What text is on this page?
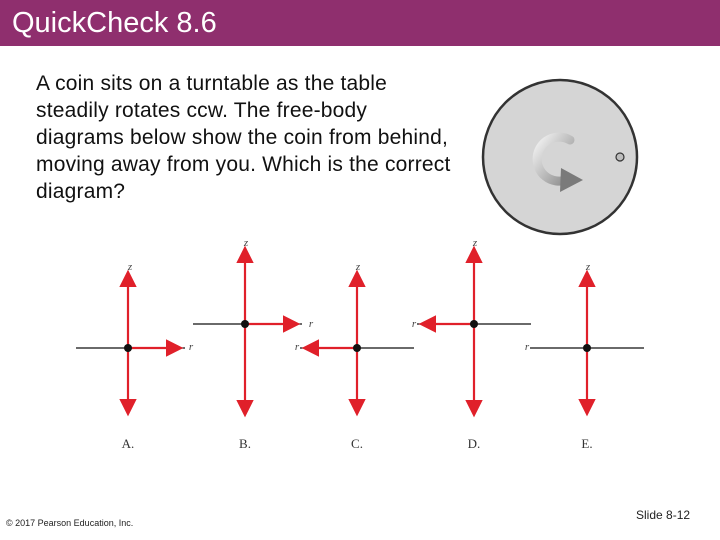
QuickCheck 8.6
A coin sits on a turntable as the table steadily rotates ccw. The free-body diagrams below show the coin from behind, moving away from you. Which is the correct diagram?
z
r
A.
z
r
B.
z
r
C.
z
r
D.
z
r
E.
© 2017 Pearson Education, Inc.
Slide 8-12
